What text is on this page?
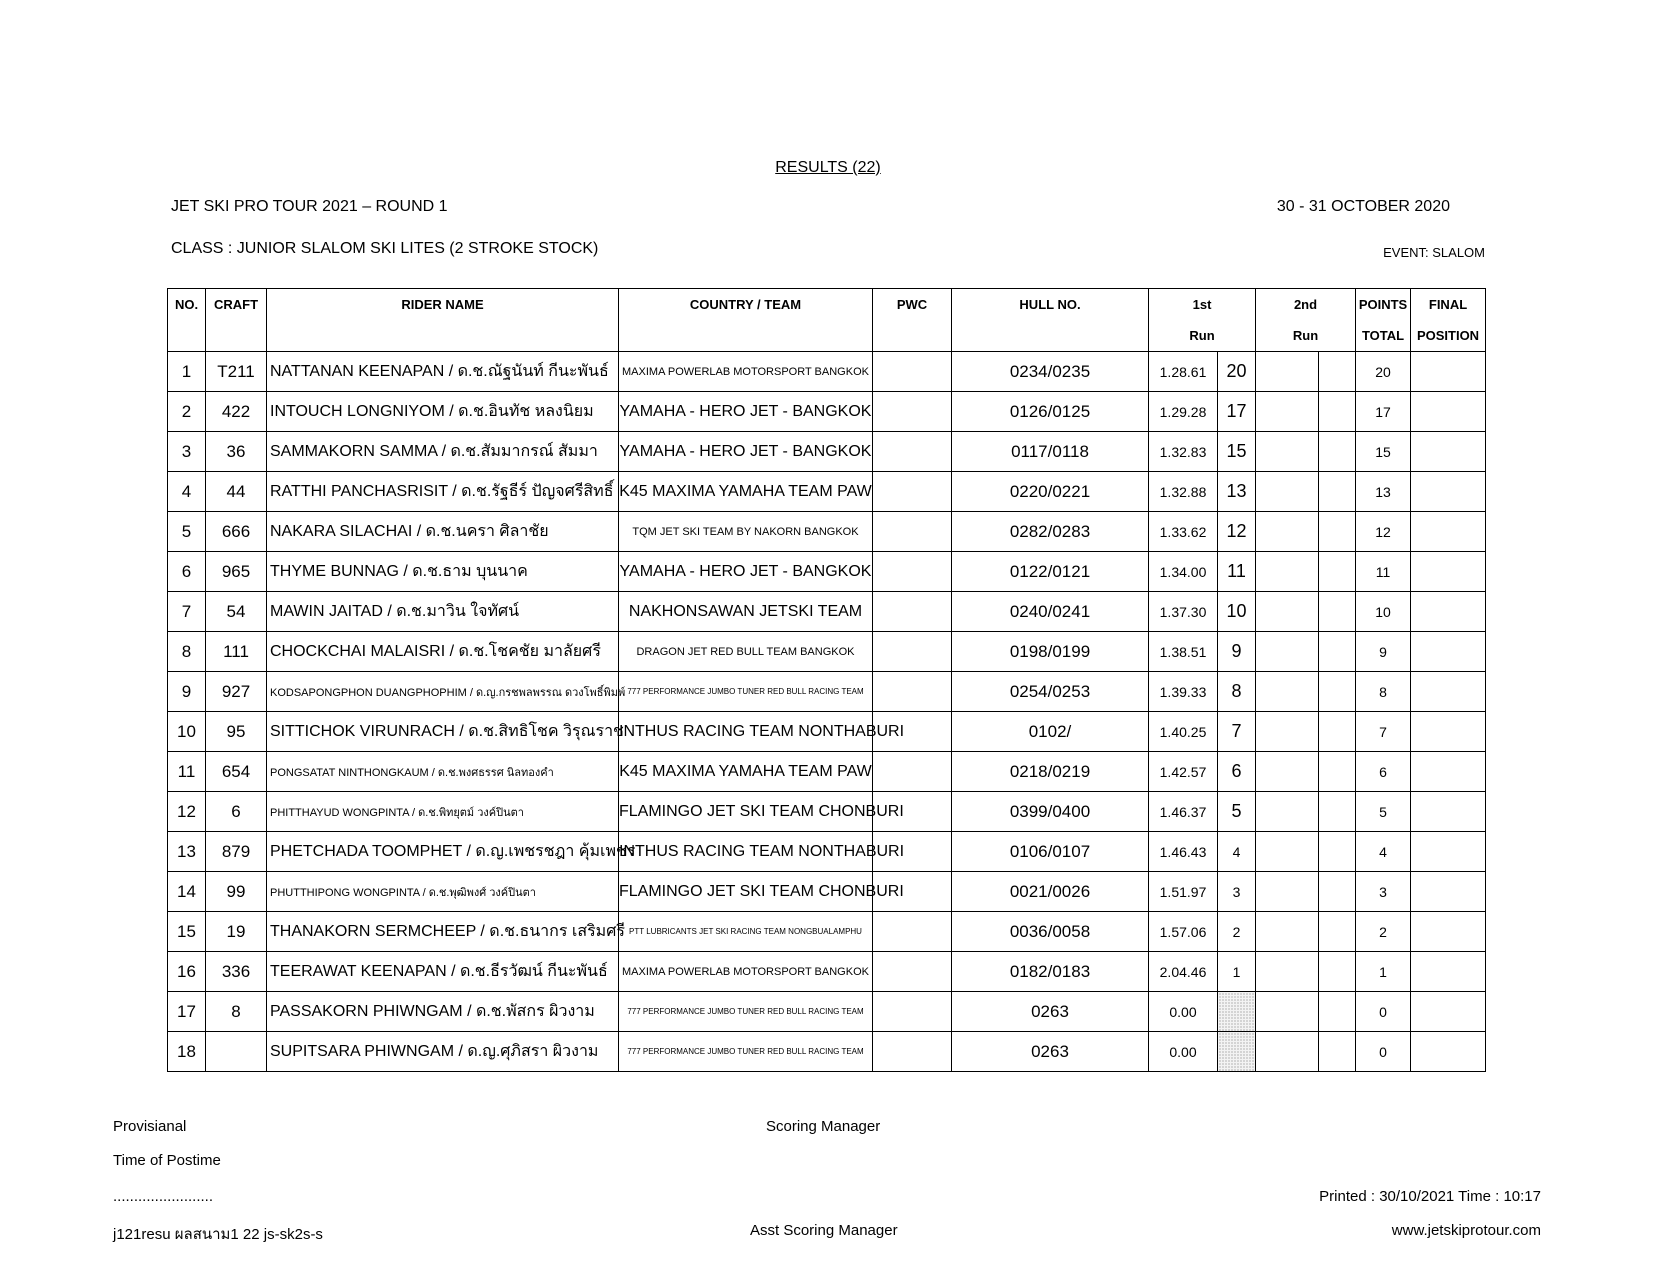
RESULTS (22)
JET SKI PRO TOUR 2021 – ROUND 1	30 - 31 OCTOBER 2020
CLASS : JUNIOR SLALOM SKI LITES (2 STROKE STOCK)	EVENT: SLALOM
NO.	CRAFT	RIDER NAME	COUNTRY / TEAM	PWC	HULL NO.	1st		2nd		POINTS	FINAL
						Run		Run		TOTAL	POSITION
1	T211	NATTANAN KEENAPAN / ด.ช.ณัฐนันท์ กีนะพันธ์	MAXIMA POWERLAB MOTORSPORT BANGKOK		0234/0235	1.28.61	20			20	
2	422	INTOUCH LONGNIYOM / ด.ช.อินทัช หลงนิยม	YAMAHA - HERO JET - BANGKOK		0126/0125	1.29.28	17			17	
3	36	SAMMAKORN SAMMA / ด.ช.สัมมากรณ์ สัมมา	YAMAHA - HERO JET - BANGKOK		0117/0118	1.32.83	15			15	
4	44	RATTHI PANCHASRISIT / ด.ช.รัฐธีร์ ปัญจศรีสิทธิ์	K45 MAXIMA YAMAHA TEAM PAW		0220/0221	1.32.88	13			13	
5	666	NAKARA SILACHAI / ด.ช.นครา ศิลาชัย	TQM JET SKI TEAM BY NAKORN BANGKOK		0282/0283	1.33.62	12			12	
6	965	THYME BUNNAG / ด.ช.ธาม บุนนาค	YAMAHA - HERO JET - BANGKOK		0122/0121	1.34.00	11			11	
7	54	MAWIN JAITAD / ด.ช.มาวิน ใจทัศน์	NAKHONSAWAN JETSKI TEAM		0240/0241	1.37.30	10			10	
8	111	CHOCKCHAI MALAISRI / ด.ช.โชคชัย มาลัยศรี	DRAGON JET RED BULL TEAM BANGKOK		0198/0199	1.38.51	9			9	
9	927	KODSAPONGPHON DUANGPHOPHIM / ด.ญ.กรชพลพรรณ ดวงโพธิ์พิมพ์	777 PERFORMANCE JUMBO TUNER RED BULL RACING TEAM		0254/0253	1.39.33	8			8	
10	95	SITTICHOK VIRUNRACH / ด.ช.สิทธิโชค วิรุณราช	INTHUS RACING TEAM NONTHABURI		0102/	1.40.25	7			7	
11	654	PONGSATAT NINTHONGKAUM / ด.ช.พงศธรรศ นิลทองคำ	K45 MAXIMA YAMAHA TEAM PAW		0218/0219	1.42.57	6			6	
12	6	PHITTHAYUD WONGPINTA / ด.ช.พิทยุตม์ วงค์ปินตา	FLAMINGO JET SKI TEAM CHONBURI		0399/0400	1.46.37	5			5	
13	879	PHETCHADA TOOMPHET / ด.ญ.เพชรชฎา คุ้มเพชร	INTHUS RACING TEAM NONTHABURI		0106/0107	1.46.43	4			4	
14	99	PHUTTHIPONG WONGPINTA / ด.ช.พุฒิพงศ์ วงค์ปินตา	FLAMINGO JET SKI TEAM CHONBURI		0021/0026	1.51.97	3			3	
15	19	THANAKORN SERMCHEEP / ด.ช.ธนากร เสริมศรี	PTT LUBRICANTS JET SKI RACING TEAM NONGBUALAMPHU		0036/0058	1.57.06	2			2	
16	336	TEERAWAT KEENAPAN / ด.ช.ธีรวัฒน์ กีนะพันธ์	MAXIMA POWERLAB MOTORSPORT BANGKOK		0182/0183	2.04.46	1			1	
17	8	PASSAKORN PHIWNGAM / ด.ช.พัสกร ผิวงาม	777 PERFORMANCE JUMBO TUNER RED BULL RACING TEAM		0263	0.00				0	
18		SUPITSARA PHIWNGAM / ด.ญ.ศุภิสรา ผิวงาม	777 PERFORMANCE JUMBO TUNER RED BULL RACING TEAM		0263	0.00				0	
Provisianal
Time of Postime
........................
j121resu ผลสนาม1 22 js-sk2s-s
Scoring Manager
Asst Scoring Manager
Printed : 30/10/2021 Time : 10:17
www.jetskiprotour.com
